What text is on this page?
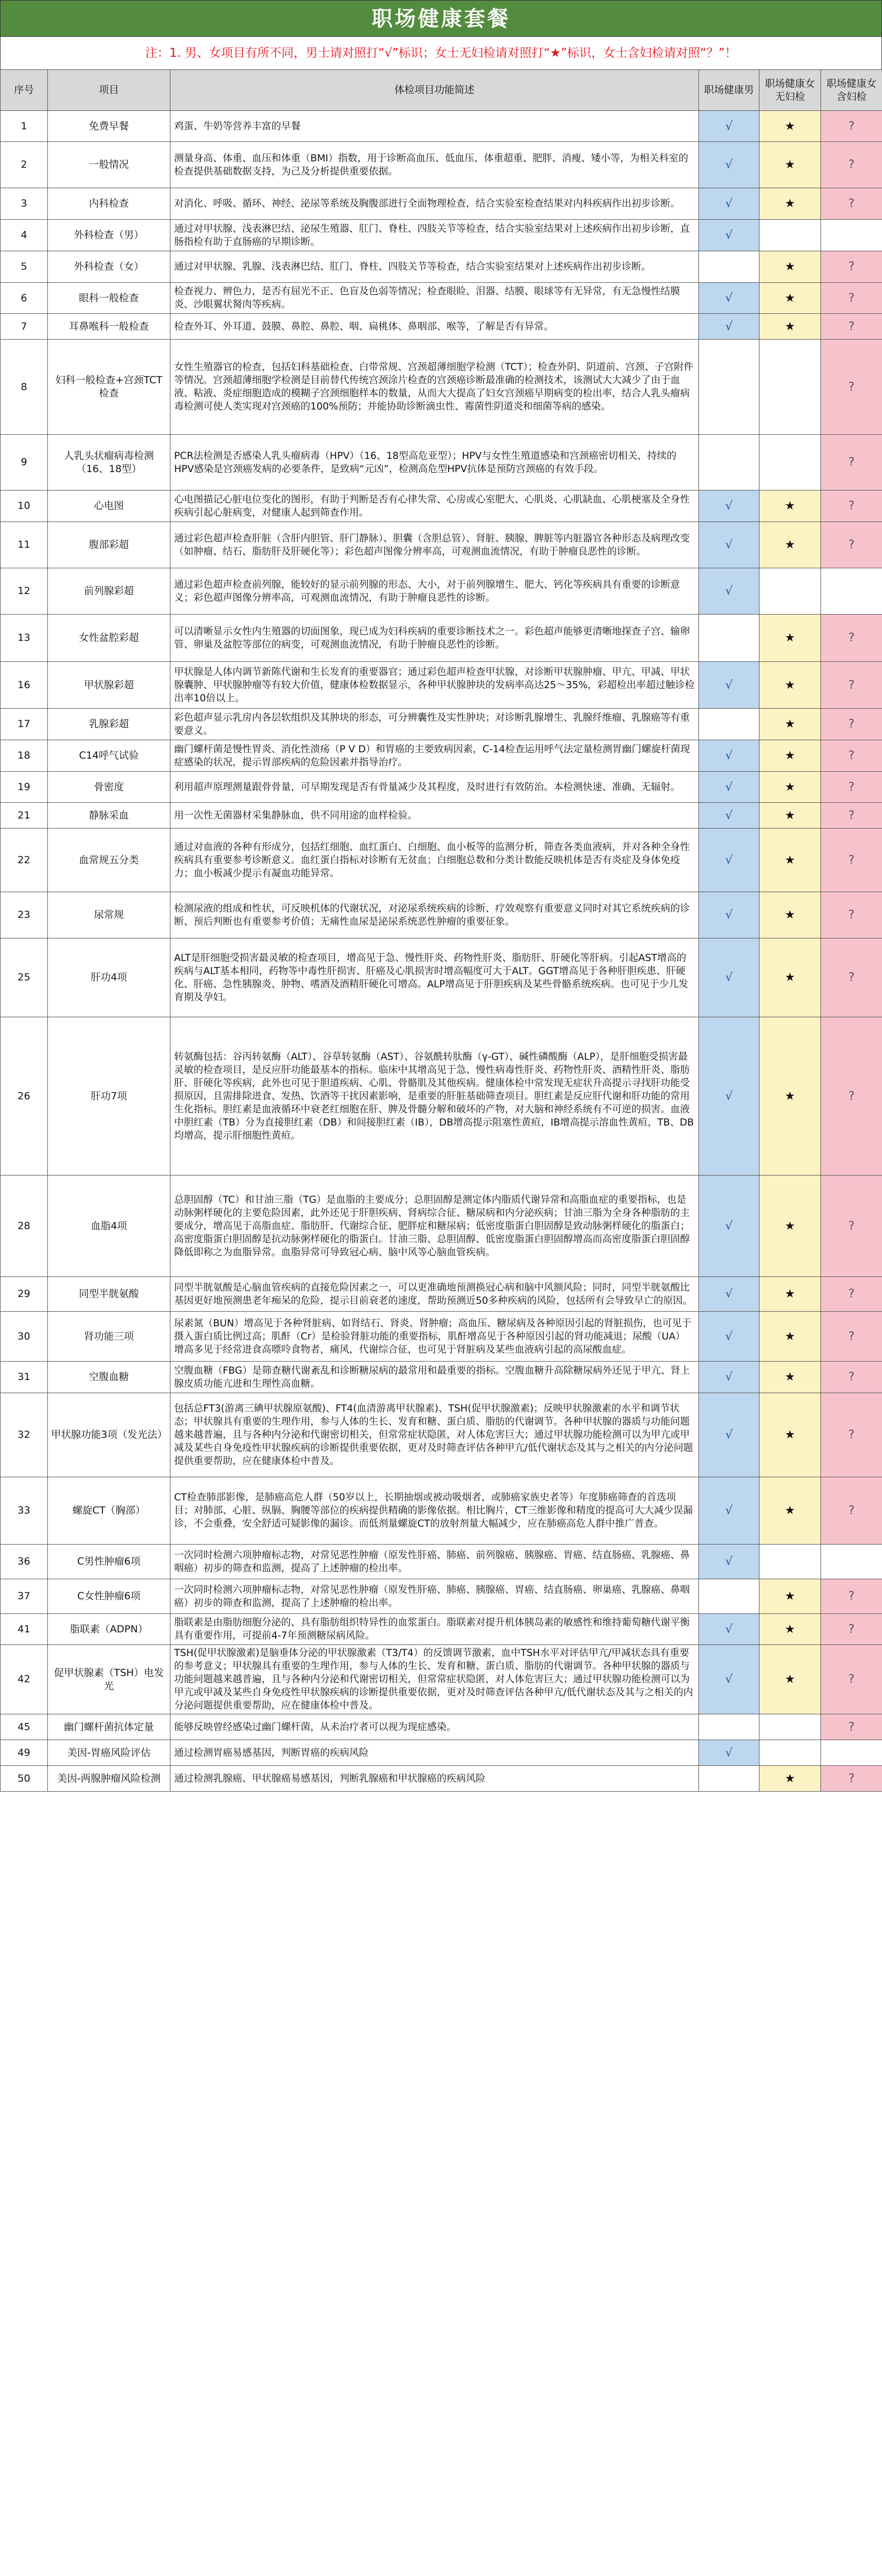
职场健康套餐
注：1. 男、女项目有所不同，男士请对照打“√”标识；女士无妇检请对照打“★”标识，女士含妇检请对照“？”！
序号	项目	体检项目功能简述	职场健康男	职场健康女无妇检	职场健康女含妇检
1	免费早餐	鸡蛋、牛奶等营养丰富的早餐	√	★	?
2	一般情况	测量身高、体重、血压和体重（BMI）指数，用于诊断高血压、低血压、体重超重、肥胖、消瘦、矮小等，为相关科室的检查提供基础数据支持，为己及分析提供重要依据。	√	★	?
3	内科检查	对消化、呼吸、循环、神经、泌尿等系统及胸腹部进行全面物理检查，结合实验室检查结果对内科疾病作出初步诊断。	√	★	?
4	外科检查（男）	通过对甲状腺、浅表淋巴结、泌尿生殖器、肛门、脊柱、四肢关节等检查，结合实验室结果对上述疾病作出初步诊断，直肠指检有助于直肠癌的早期诊断。	√		
5	外科检查（女）	通过对甲状腺、乳腺、浅表淋巴结、肛门、脊柱、四肢关节等检查，结合实验室结果对上述疾病作出初步诊断。		★	?
6	眼科一般检查	检查视力、辨色力，是否有屈光不正、色盲及色弱等情况；检查眼睑、泪器、结膜、眼球等有无异常，有无急慢性结膜炎、沙眼翼状胬肉等疾病。	√	★	?
7	耳鼻喉科一般检查	检查外耳、外耳道、鼓膜、鼻腔、鼻腔、咽、扁桃体、鼻咽部、喉等，了解是否有异常。	√	★	?
8	妇科一般检查+宫颈TCT检查	女性生殖器官的检查，包括妇科基础检查、白带常规、宫颈超薄细胞学检测（TCT）；检查外阴、阴道前、宫颈、子宫附件等情况。宫颈超薄细胞学检测是目前替代传统宫颈涂片检查的宫颈癌诊断最准确的检测技术，该测试大大减少了由于血液、粘液、炎症细胞造成的模糊子宫颈细胞样本的数量，从而大大提高了妇女宫颈癌早期病变的检出率，结合人乳头瘤病毒检测可使人类实现对宫颈癌的100%预防；并能协助诊断滴虫性、霉菌性阴道炎和细菌等病的感染。			?
9	人乳头状瘤病毒检测（16、18型）	PCR法检测是否感染人乳头瘤病毒（HPV）（16、18型高危亚型）；HPV与女性生殖道感染和宫颈癌密切相关，持续的HPV感染是宫颈癌发病的必要条件，是致病“元凶”，检测高危型HPV抗体是预防宫颈癌的有效手段。			?
10	心电图	心电图描记心脏电位变化的图形，有助于判断是否有心律失常、心房或心室肥大、心肌炎、心肌缺血、心肌梗塞及全身性疾病引起心脏病变，对健康人起到筛查作用。	√	★	?
11	腹部彩超	通过彩色超声检查肝脏（含肝内胆管、肝门静脉）、胆囊（含胆总管）、肾脏、胰腺、脾脏等内脏器官各种形态及病理改变（如肿瘤、结石、脂肪肝及肝硬化等）；彩色超声图像分辨率高，可观测血流情况，有助于肿瘤良恶性的诊断。	√	★	?
12	前列腺彩超	通过彩色超声检查前列腺，能较好的显示前列腺的形态、大小，对于前列腺增生、肥大、钙化等疾病具有重要的诊断意义；彩色超声图像分辨率高，可观测血流情况，有助于肿瘤良恶性的诊断。	√		
13	女性盆腔彩超	可以清晰显示女性内生殖器的切面图象，现已成为妇科疾病的重要诊断技术之一。彩色超声能够更清晰地探查子宫、输卵管、卵巢及盆腔等部位的病变，可观测血流情况，有助于肿瘤良恶性的诊断。		★	?
16	甲状腺彩超	甲状腺是人体内调节新陈代谢和生长发育的重要器官；通过彩色超声检查甲状腺，对诊断甲状腺肿瘤、甲亢、甲减、甲状腺囊肿、甲状腺肿瘤等有较大价值，健康体检数据显示，各种甲状腺肿块的发病率高达25～35%，彩超检出率超过触诊检出率10倍以上。	√	★	?
17	乳腺彩超	彩色超声显示乳房内各层软组织及其肿块的形态，可分辨囊性及实性肿块；对诊断乳腺增生、乳腺纤维瘤、乳腺癌等有重要意义。		★	?
18	C14呼气试验	幽门螺杆菌是慢性胃炎、消化性溃疡（P V D）和胃癌的主要致病因素，C-14检查运用呼气法定量检测胃幽门螺旋杆菌现症感染的状况，提示胃部疾病的危险因素并指导治疗。	√	★	?
19	骨密度	利用超声原理测量跟骨骨量，可早期发现是否有骨量减少及其程度，及时进行有效防治。本检测快速、准确、无辐射。	√	★	?
21	静脉采血	用一次性无菌器材采集静脉血，供不同用途的血样检验。	√	★	?
22	血常规五分类	通过对血液的各种有形成分，包括红细胞、血红蛋白、白细胞、血小板等的监测分析，筛查各类血液病，并对各种全身性疾病具有重要参考诊断意义。血红蛋白指标对诊断有无贫血；白细胞总数和分类计数能反映机体是否有炎症及身体免疫力；血小板减少提示有凝血功能异常。	√	★	?
23	尿常规	检测尿液的组成和性状，可反映机体的代谢状况，对泌尿系统疾病的诊断、疗效观察有重要意义同时对其它系统疾病的诊断、预后判断也有重要参考价值；无痛性血尿是泌尿系统恶性肿瘤的重要征象。	√	★	?
25	肝功4项	ALT是肝细胞受损害最灵敏的检查项目，增高见于急、慢性肝炎、药物性肝炎、脂肪肝、肝硬化等肝病。引起AST增高的疾病与ALT基本相同，药物等中毒性肝损害、肝癌及心肌损害时增高幅度可大于ALT。GGT增高见于各种肝胆疾患、肝硬化、肝癌、急性胰腺炎、肿物、嗜酒及酒精肝硬化可增高。ALP增高见于肝胆疾病及某些骨骼系统疾病。也可见于少儿发育期及孕妇。	√	★	?
26	肝功7项	转氨酶包括：谷丙转氨酶（ALT）、谷草转氨酶（AST）、谷氨酰转肽酶（γ-GT）、碱性磷酸酶（ALP），是肝细胞受损害最灵敏的检查项目，是反应肝功能最基本的指标。临床中其增高见于急、慢性病毒性肝炎、药物性肝炎、酒精性肝炎、脂肪肝、肝硬化等疾病，此外也可见于胆道疾病、心肌、骨骼肌及其他疾病。健康体检中常发现无症状升高提示寻找肝功能受损原因，且需排除进食、发热、饮酒等干扰因素影响，是重要的肝脏基础筛查项目。胆红素是反应肝代谢和肝功能的常用生化指标。胆红素是血液循环中衰老红细胞在肝、脾及骨髓分解和破坏的产物，对大脑和神经系统有不可逆的损害。血液中胆红素（TB）分为直接胆红素（DB）和间接胆红素（IB），DB增高提示阻塞性黄疸，IB增高提示溶血性黄疸，TB、DB均增高，提示肝细胞性黄疸。	√	★	?
28	血脂4项	总胆固醇（TC）和甘油三脂（TG）是血脂的主要成分；总胆固醇是测定体内脂质代谢异常和高脂血症的重要指标，也是动脉粥样硬化的主要危险因素，此外还见于肝胆疾病、肾病综合征、糖尿病和内分泌疾病；甘油三脂为全身各种脂肪的主要成分，增高见于高脂血症、脂肪肝、代谢综合征、肥胖症和糖尿病；低密度脂蛋白胆固醇是致动脉粥样硬化的脂蛋白；高密度脂蛋白胆固醇是抗动脉粥样硬化的脂蛋白。甘油三脂、总胆固醇、低密度脂蛋白胆固醇增高而高密度脂蛋白胆固醇降低即称之为血脂异常。血脂异常可导致冠心病、脑中风等心脑血管疾病。	√	★	?
29	同型半胱氨酸	同型半胱氨酸是心脑血管疾病的直接危险因素之一，可以更准确地预测换冠心病和脑中风额风险；同时，同型半胱氨酸比基因更好地预测患老年痴呆的危险，提示目前衰老的速度，帮助预测近50多种疾病的风险，包括所有会导致早亡的原因。	√	★	?
30	肾功能三项	尿素氮（BUN）增高见于各种肾脏病、如肾结石、肾炎、肾肿瘤；高血压、糖尿病及各种原因引起的肾脏损伤，也可见于摄入蛋白质比例过高；肌酐（Cr）是检验肾脏功能的重要指标，肌酐增高见于各种原因引起的肾功能减退；尿酸（UA）增高多见于经常进食高嘌呤食物者，痛风，代谢综合征，也可见于肾脏病及某些血液病引起的高尿酸血症。	√	★	?
31	空腹血糖	空腹血糖（FBG）是筛查糖代谢紊乱和诊断糖尿病的最常用和最重要的指标。空腹血糖升高除糖尿病外还见于甲亢、肾上腺皮质功能亢进和生理性高血糖。	√	★	?
32	甲状腺功能3项（发光法）	包括总FT3(游离三碘甲状腺原氨酸)、FT4(血清游离甲状腺素)、TSH(促甲状腺激素)；反映甲状腺激素的水平和调节状态；甲状腺具有重要的生理作用，参与人体的生长、发育和糖、蛋白质、脂肪的代谢调节。各种甲状腺的器质与功能问题越来越普遍，且与各种内分泌和代谢密切相关，但常常症状隐匿，对人体危害巨大；通过甲状腺功能检测可以为甲亢或甲减及某些自身免疫性甲状腺疾病的诊断提供重要依据，更对及时筛查评估各种甲亢/低代谢状态及其与之相关的内分泌问题提供重要帮助，应在健康体检中普及。	√	★	?
33	螺旋CT（胸部）	CT检查肺部影像，是肺癌高危人群（50岁以上，长期抽烟或被动吸烟者，或肺癌家族史者等）年度肺癌筛查的首选项目；对肺部、心脏、纵膈、胸腰等部位的疾病提供精确的影像依据。相比胸片，CT三维影像和精度的提高可大大减少误漏诊，不会重叠，安全舒适可疑影像的漏诊。而低剂量螺旋CT的放射剂量大幅减少，应在肺癌高危人群中推广普查。	√	★	?
36	C男性肿瘤6项	一次同时检测六项肿瘤标志物，对常见恶性肿瘤（原发性肝癌、肺癌、前列腺癌、胰腺癌、胃癌、结直肠癌、乳腺癌、鼻咽癌）初步的筛查和监测，提高了上述肿瘤的检出率。	√		
37	C女性肿瘤6项	一次同时检测六项肿瘤标志物，对常见恶性肿瘤（原发性肝癌、肺癌、胰腺癌、胃癌、结直肠癌、卵巢癌、乳腺癌、鼻咽癌）初步的筛查和监测，提高了上述肿瘤的检出率。		★	?
41	脂联素（ADPN）	脂联素是由脂肪细胞分泌的、具有脂肪组织特异性的血浆蛋白。脂联素对提升机体胰岛素的敏感性和维持葡萄糖代谢平衡具有重要作用，可提前4-7年预测糖尿病风险。	√	★	?
42	促甲状腺素（TSH）电发光	TSH(促甲状腺激素)是脑垂体分泌的甲状腺激素（T3/T4）的反馈调节激素，血中TSH水平对评估甲亢/甲减状态具有重要的参考意义；甲状腺具有重要的生理作用，参与人体的生长、发育和糖、蛋白质、脂肪的代谢调节。各种甲状腺的器质与功能问题越来越普遍，且与各种内分泌和代谢密切相关，但常常症状隐匿，对人体危害巨大；通过甲状腺功能检测可以为甲亢或甲减及某些自身免疫性甲状腺疾病的诊断提供重要依据，更对及时筛查评估各种甲亢/低代谢状态及其与之相关的内分泌问题提供重要帮助，应在健康体检中普及。	√	★	?
45	幽门螺杆菌抗体定量	能够反映曾经感染过幽门螺杆菌，从未治疗者可以视为现症感染。			?
49	美因-胃癌风险评估	通过检测胃癌易感基因，判断胃癌的疾病风险	√		
50	美因-两腺肿瘤风险检测	通过检测乳腺癌、甲状腺癌易感基因，判断乳腺癌和甲状腺癌的疾病风险		★	?
